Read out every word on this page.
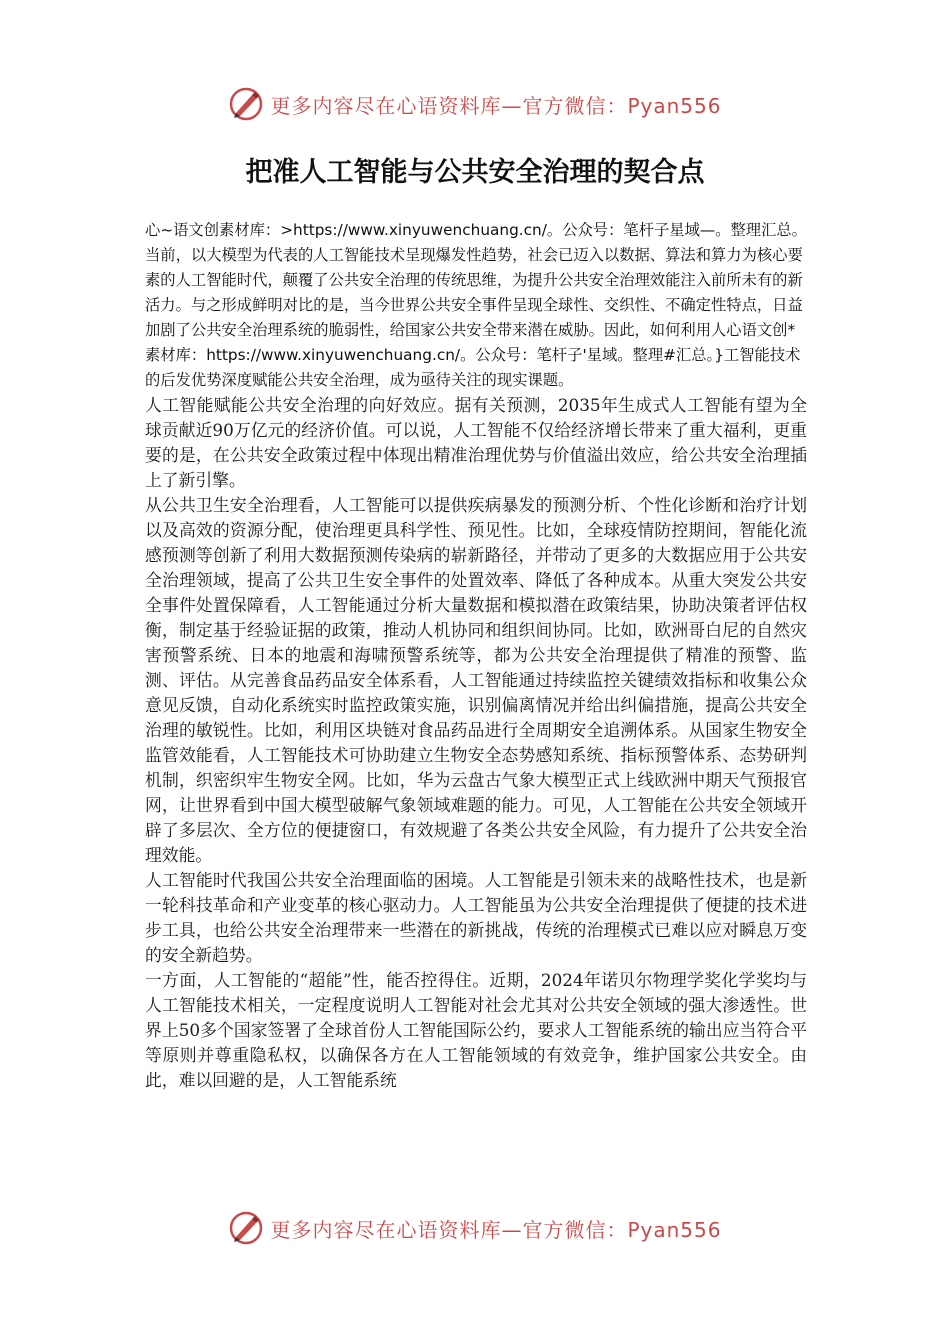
更多内容尽在心语资料库—官方微信：Pyan556
把准人工智能与公共安全治理的契合点

心~语文创素材库：>https://www.xinyuwenchuang.cn/。公众号：笔杆子星域—。整理汇总。

当前，以大模型为代表的人工智能技术呈现爆发性趋势，社会已迈入以数据、算法和算力为核心要素的人工智能时代，颠覆了公共安全治理的传统思维，为提升公共安全治理效能注入前所未有的新活力。与之形成鲜明对比的是，当今世界公共安全事件呈现全球性、交织性、不确定性特点，日益加剧了公共安全治理系统的脆弱性，给国家公共安全带来潜在威胁。因此，如何利用人心语文创*素材库：https://www.xinyuwenchuang.cn/。公众号：笔杆子'星域。整理#汇总。}工智能技术的后发优势深度赋能公共安全治理，成为亟待关注的现实课题。

人工智能赋能公共安全治理的向好效应。据有关预测，2035年生成式人工智能有望为全球贡献近90万亿元的经济价值。可以说，人工智能不仅给经济增长带来了重大福利，更重要的是，在公共安全政策过程中体现出精准治理优势与价值溢出效应，给公共安全治理插上了新引擎。

从公共卫生安全治理看，人工智能可以提供疾病暴发的预测分析、个性化诊断和治疗计划以及高效的资源分配，使治理更具科学性、预见性。比如，全球疫情防控期间，智能化流感预测等创新了利用大数据预测传染病的崭新路径，并带动了更多的大数据应用于公共安全治理领域，提高了公共卫生安全事件的处置效率、降低了各种成本。从重大突发公共安全事件处置保障看，人工智能通过分析大量数据和模拟潜在政策结果，协助决策者评估权衡，制定基于经验证据的政策，推动人机协同和组织间协同。比如，欧洲哥白尼的自然灾害预警系统、日本的地震和海啸预警系统等，都为公共安全治理提供了精准的预警、监测、评估。从完善食品药品安全体系看，人工智能通过持续监控关键绩效指标和收集公众意见反馈，自动化系统实时监控政策实施，识别偏离情况并给出纠偏措施，提高公共安全治理的敏锐性。比如，利用区块链对食品药品进行全周期安全追溯体系。从国家生物安全监管效能看，人工智能技术可协助建立生物安全态势感知系统、指标预警体系、态势研判机制，织密织牢生物安全网。比如，华为云盘古气象大模型正式上线欧洲中期天气预报官网，让世界看到中国大模型破解气象领域难题的能力。可见，人工智能在公共安全领域开辟了多层次、全方位的便捷窗口，有效规避了各类公共安全风险，有力提升了公共安全治理效能。

人工智能时代我国公共安全治理面临的困境。人工智能是引领未来的战略性技术，也是新一轮科技革命和产业变革的核心驱动力。人工智能虽为公共安全治理提供了便捷的技术进步工具，也给公共安全治理带来一些潜在的新挑战，传统的治理模式已难以应对瞬息万变的安全新趋势。

一方面，人工智能的“超能”性，能否控得住。近期，2024年诺贝尔物理学奖化学奖均与人工智能技术相关，一定程度说明人工智能对社会尤其对公共安全领域的强大渗透性。世界上50多个国家签署了全球首份人工智能国际公约，要求人工智能系统的输出应当符合平等原则并尊重隐私权，以确保各方在人工智能领域的有效竞争，维护国家公共安全。由此，难以回避的是，人工智能系统

更多内容尽在心语资料库—官方微信：Pyan556
